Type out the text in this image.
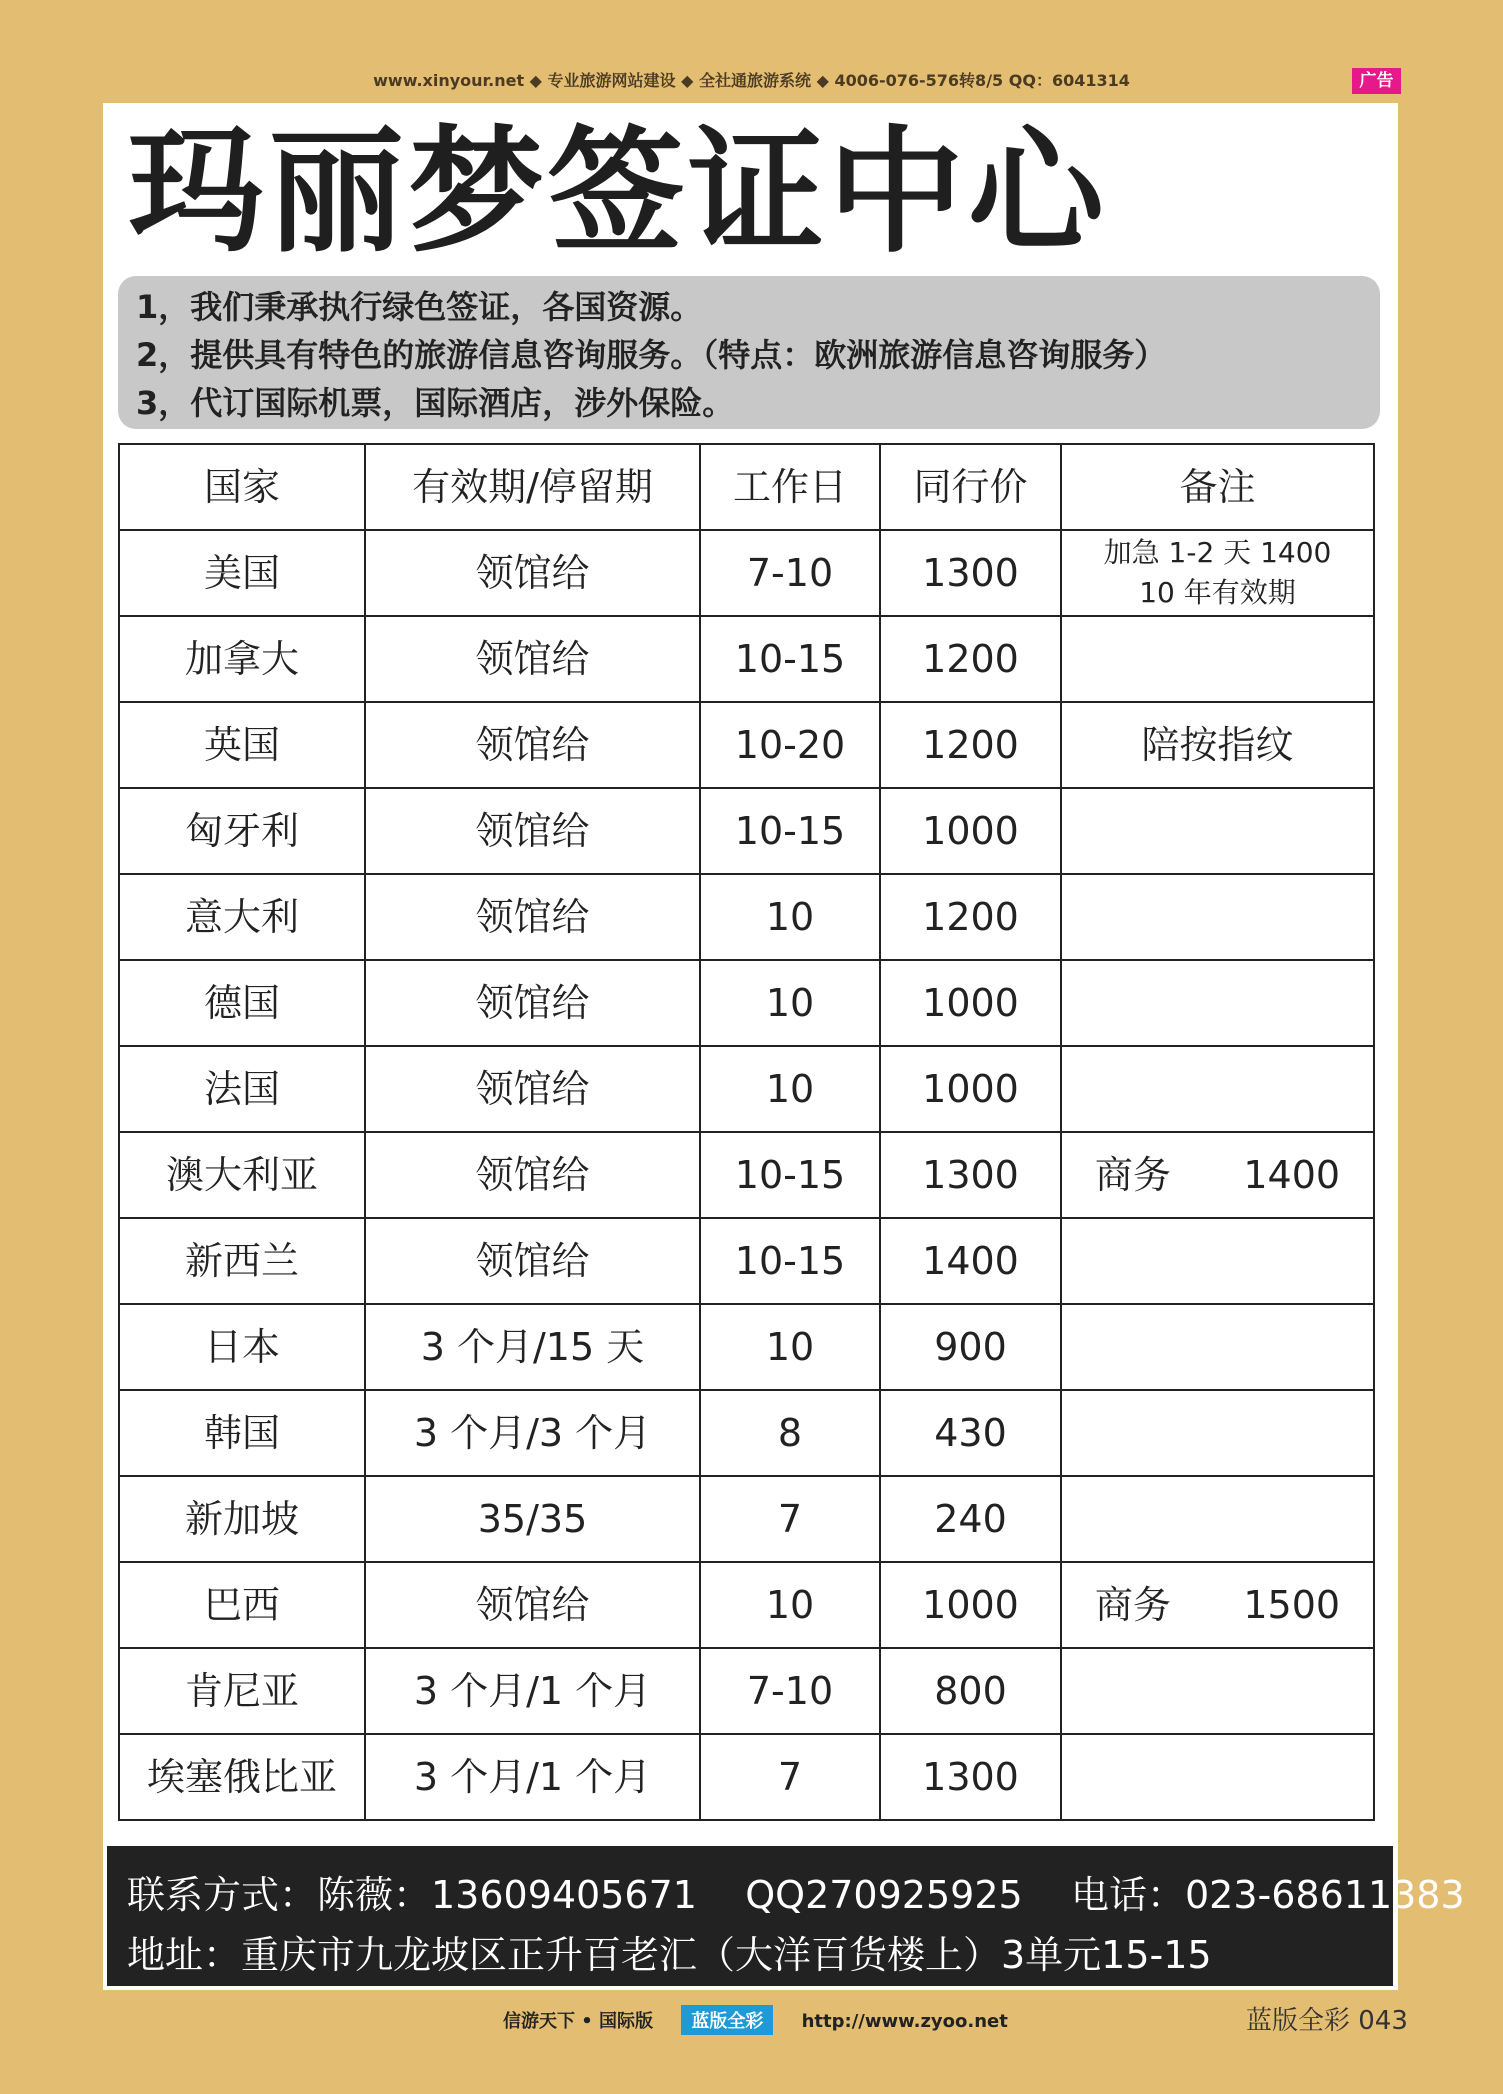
www.xinyour.net ◆ 专业旅游网站建设 ◆ 全社通旅游系统 ◆ 4006-076-576转8/5 QQ：6041314	广告
玛丽梦签证中心
1，我们秉承执行绿色签证，各国资源。
2，提供具有特色的旅游信息咨询服务。（特点：欧洲旅游信息咨询服务）
3，代订国际机票，国际酒店，涉外保险。
国家	有效期/停留期	工作日	同行价	备注
美国	领馆给	7-10	1300	加急 1-2 天 1400
10 年有效期

加拿大	领馆给	10-15	1200	
英国	领馆给	10-20	1200	陪按指纹
匈牙利	领馆给	10-15	1000	
意大利	领馆给	10	1200	
德国	领馆给	10	1000	
法国	领馆给	10	1000	
澳大利亚	领馆给	10-15	1300	商务      1400
新西兰	领馆给	10-15	1400	
日本	3 个月/15 天	10	900	
韩国	3 个月/3 个月	8	430	
新加坡	35/35	7	240	
巴西	领馆给	10	1000	商务      1500
肯尼亚	3 个月/1 个月	7-10	800	
埃塞俄比亚	3 个月/1 个月	7	1300	
联系方式：陈薇：13609405671    QQ270925925    电话：023-68611383
地址：重庆市九龙坡区正升百老汇（大洋百货楼上）3单元15-15
信游天下 • 国际版 蓝版全彩 http://www.zyoo.net	蓝版全彩 043
